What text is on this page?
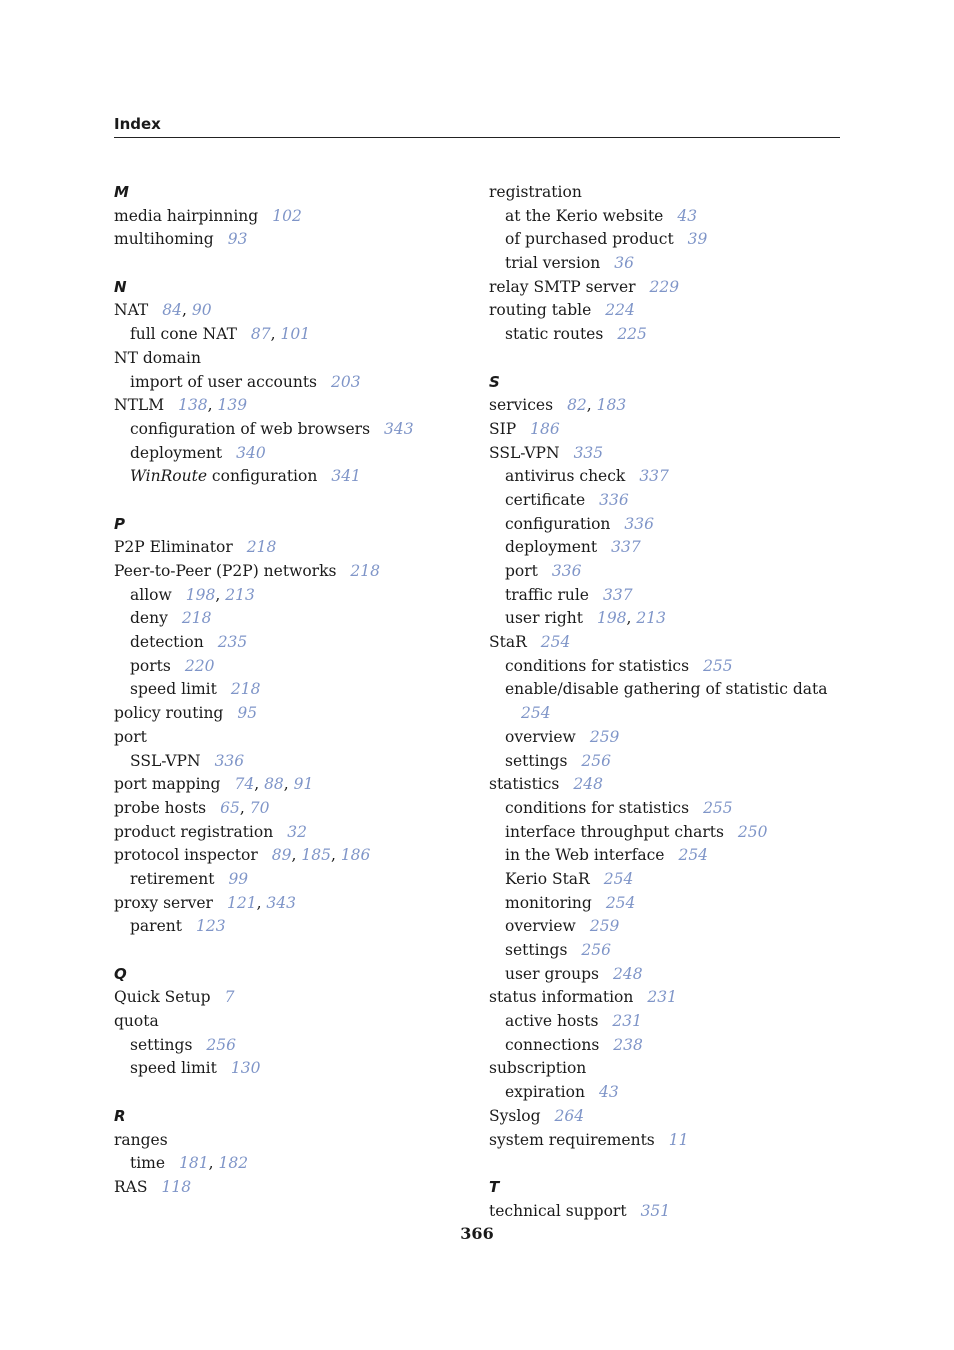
Index
M
media hairpinning 102
multihoming 93
N
NAT 84, 90
full cone NAT 87, 101
NT domain
import of user accounts 203
NTLM 138, 139
configuration of web browsers 343
deployment 340
WinRoute configuration 341
P
P2P Eliminator 218
Peer-to-Peer (P2P) networks 218
allow 198, 213
deny 218
detection 235
ports 220
speed limit 218
policy routing 95
port
SSL-VPN 336
port mapping 74, 88, 91
probe hosts 65, 70
product registration 32
protocol inspector 89, 185, 186
retirement 99
proxy server 121, 343
parent 123
Q
Quick Setup 7
quota
settings 256
speed limit 130
R
ranges
time 181, 182
RAS 118
registration
at the Kerio website 43
of purchased product 39
trial version 36
relay SMTP server 229
routing table 224
static routes 225
S
services 82, 183
SIP 186
SSL-VPN 335
antivirus check 337
certificate 336
configuration 336
deployment 337
port 336
traffic rule 337
user right 198, 213
StaR 254
conditions for statistics 255
enable/disable gathering of statistic data
254
overview 259
settings 256
statistics 248
conditions for statistics 255
interface throughput charts 250
in the Web interface 254
Kerio StaR 254
monitoring 254
overview 259
settings 256
user groups 248
status information 231
active hosts 231
connections 238
subscription
expiration 43
Syslog 264
system requirements 11
T
technical support 351
366
